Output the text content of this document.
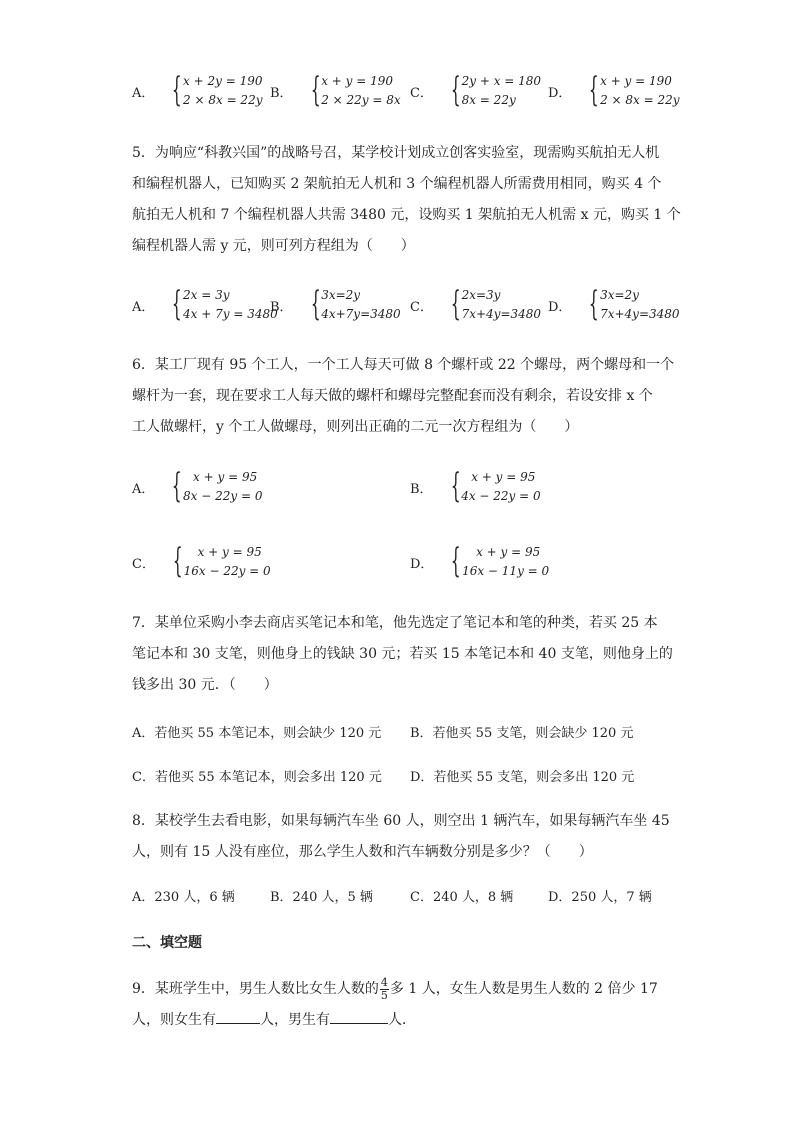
A． { x + 2y = 190
2 × 8x = 22y B． { x + y = 190
2 × 22y = 8x C． { 2y + x = 180
8x = 22y	D． { x + y = 190
2 × 8x = 22y
5．为响应“科教兴国”的战略号召，某学校计划成立创客实验室，现需购买航拍无人机
和编程机器人，已知购买 2 架航拍无人机和 3 个编程机器人所需费用相同，购买 4 个
航拍无人机和 7 个编程机器人共需 3480 元，设购买 1 架航拍无人机需 x 元，购买 1 个
编程机器人需 y 元，则可列方程组为（　　）
A． { 2x = 3y
4x + 7y = 3480
B． { 3x=2y
4x+7y=3480 C． { 2x=3y
7x+4y=3480 D． { 3x=2y
7x+4y=3480
6．某工厂现有 95 个工人，一个工人每天可做 8 个螺杆或 22 个螺母，两个螺母和一个
螺杆为一套，现在要求工人每天做的螺杆和螺母完整配套而没有剩余，若设安排 x 个
工人做螺杆，y 个工人做螺母，则列出正确的二元一次方程组为（　　）
A． { x + y = 95
8x − 22y = 0	B． { x + y = 95
4x − 22y = 0
C． {	x + y = 95
16x − 22y = 0	D． {	x + y = 95
16x − 11y = 0
7．某单位采购小李去商店买笔记本和笔，他先选定了笔记本和笔的种类，若买 25 本
笔记本和 30 支笔，则他身上的钱缺 30 元；若买 15 本笔记本和 40 支笔，则他身上的
钱多出 30 元．（　　）
A．若他买 55 本笔记本，则会缺少 120 元 B．若他买 55 支笔，则会缺少 120 元
C．若他买 55 本笔记本，则会多出 120 元 D．若他买 55 支笔，则会多出 120 元
8．某校学生去看电影，如果每辆汽车坐 60 人，则空出 1 辆汽车，如果每辆汽车坐 45
人，则有 15 人没有座位，那么学生人数和汽车辆数分别是多少？（　　）
A．230 人，6 辆	B．240 人，5 辆	C．240 人，8 辆	D．250 人，7 辆
二、填空题
9．某班学生中，男生人数比女生人数的 $\frac{4}{5}$ 多 1 人，女生人数是男生人数的 2 倍少 17
人，则女生有	人，男生有	人．
